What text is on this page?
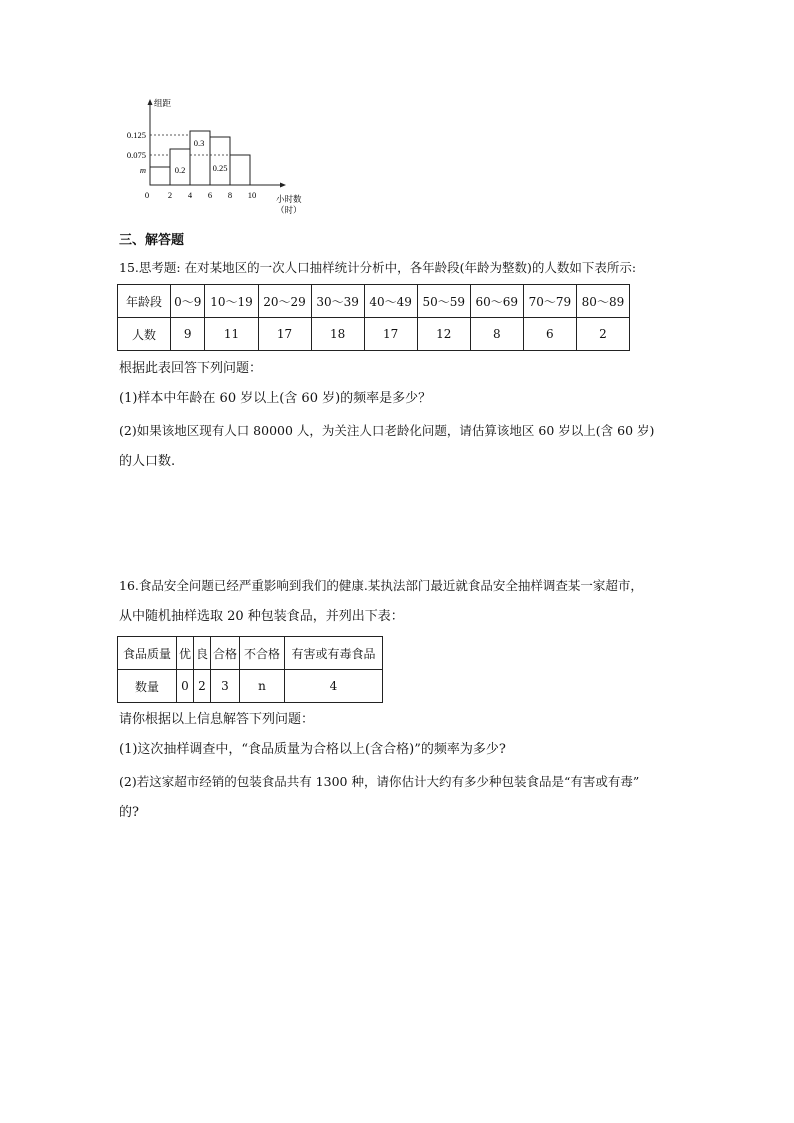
0.125
0.075
m
0 2 4 6 8 10
0.2
0.3
0.25
组距
小时数
（时）
三、解答题
15.思考题: 在对某地区的一次人口抽样统计分析中，各年龄段(年龄为整数)的人数如下表所示:
年龄段	0～9	10～19	20～29	30～39	40～49	50～59	60～69	70～79	80～89
人数	9	11	17	18	17	12	8	6	2
根据此表回答下列问题：
(1)样本中年龄在 60 岁以上(含 60 岁)的频率是多少？
(2)如果该地区现有人口 80000 人，为关注人口老龄化问题，请估算该地区 60 岁以上(含 60 岁)
的人口数.
16.食品安全问题已经严重影响到我们的健康.某执法部门最近就食品安全抽样调查某一家超市，
从中随机抽样选取 20 种包装食品，并列出下表：
食品质量	优	良	合格	不合格	有害或有毒食品
数量	0	2	3	n	4
请你根据以上信息解答下列问题：
(1)这次抽样调查中，“食品质量为合格以上(含合格)”的频率为多少?
(2)若这家超市经销的包装食品共有 1300 种，请你估计大约有多少种包装食品是“有害或有毒”
的?
